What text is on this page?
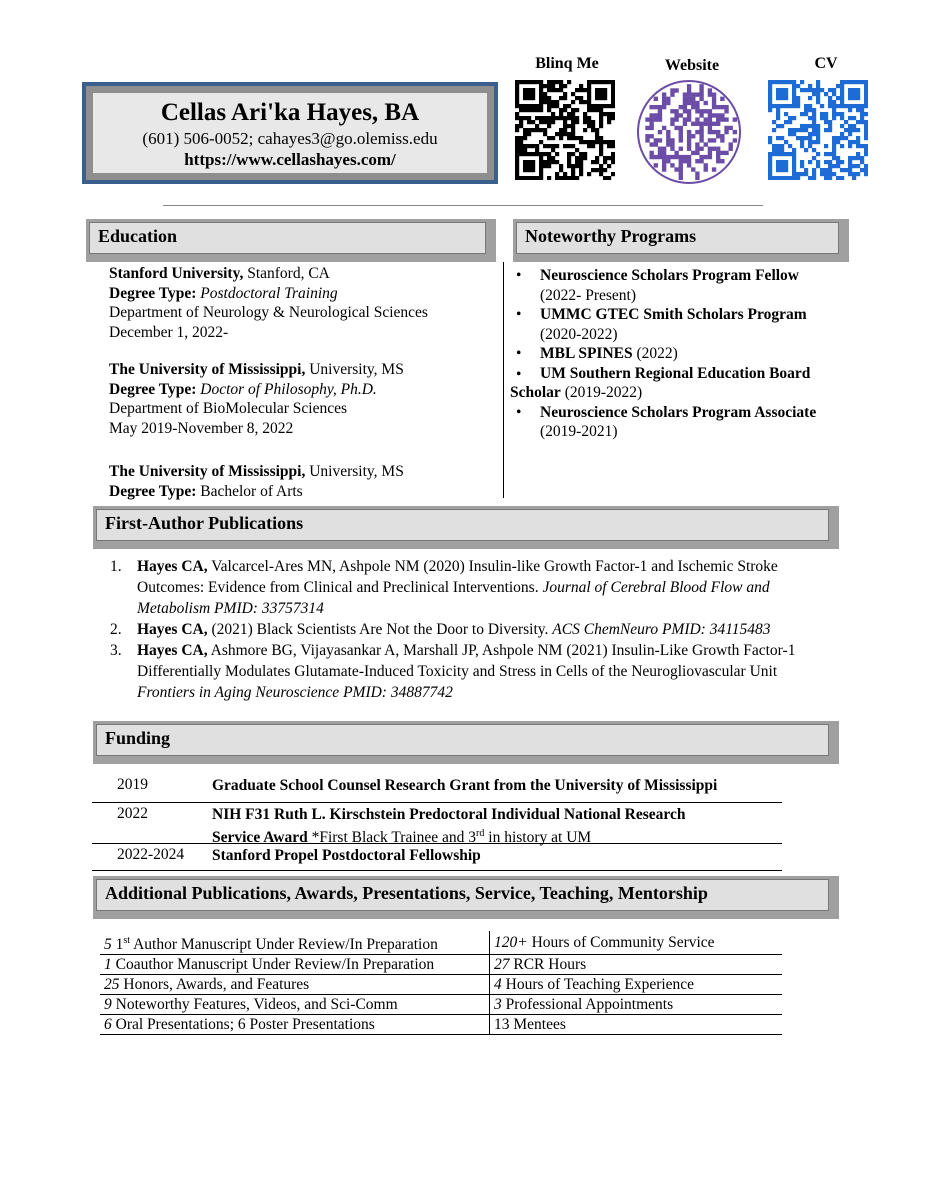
Cellas Ari'ka Hayes, BA
(601) 506-0052; cahayes3@go.olemiss.edu
https://www.cellashayes.com/
Blinq Me	Website	CV
Education	Noteworthy Programs
Stanford University, Stanford, CA
Degree Type: Postdoctoral Training
Department of Neurology & Neurological Sciences
December 1, 2022-
The University of Mississippi, University, MS
Degree Type: Doctor of Philosophy, Ph.D.
Department of BioMolecular Sciences
May 2019-November 8, 2022
The University of Mississippi, University, MS
Degree Type: Bachelor of Arts
• Neuroscience Scholars Program Fellow
(2022- Present)
• UMMC GTEC Smith Scholars Program
(2020-2022)
• MBL SPINES (2022)
• UM Southern Regional Education Board
Scholar (2019-2022)
• Neuroscience Scholars Program Associate
(2019-2021)
First-Author Publications
1. Hayes CA, Valcarcel-Ares MN, Ashpole NM (2020) Insulin-like Growth Factor-1 and Ischemic Stroke Outcomes: Evidence from Clinical and Preclinical Interventions. Journal of Cerebral Blood Flow and Metabolism PMID: 33757314
2. Hayes CA, (2021) Black Scientists Are Not the Door to Diversity. ACS ChemNeuro PMID: 34115483
3. Hayes CA, Ashmore BG, Vijayasankar A, Marshall JP, Ashpole NM (2021) Insulin-Like Growth Factor-1 Differentially Modulates Glutamate-Induced Toxicity and Stress in Cells of the Neurogliovascular Unit Frontiers in Aging Neuroscience PMID: 34887742
Funding
2019	Graduate School Counsel Research Grant from the University of Mississippi
2022	NIH F31 Ruth L. Kirschstein Predoctoral Individual National Research
Service Award *First Black Trainee and 3rd in history at UM
2022-2024 Stanford Propel Postdoctoral Fellowship
Additional Publications, Awards, Presentations, Service, Teaching, Mentorship
5 1st Author Manuscript Under Review/In Preparation	120+ Hours of Community Service
1 Coauthor Manuscript Under Review/In Preparation	27 RCR Hours
25 Honors, Awards, and Features	4 Hours of Teaching Experience
9 Noteworthy Features, Videos, and Sci-Comm	3 Professional Appointments
6 Oral Presentations; 6 Poster Presentations	13 Mentees
